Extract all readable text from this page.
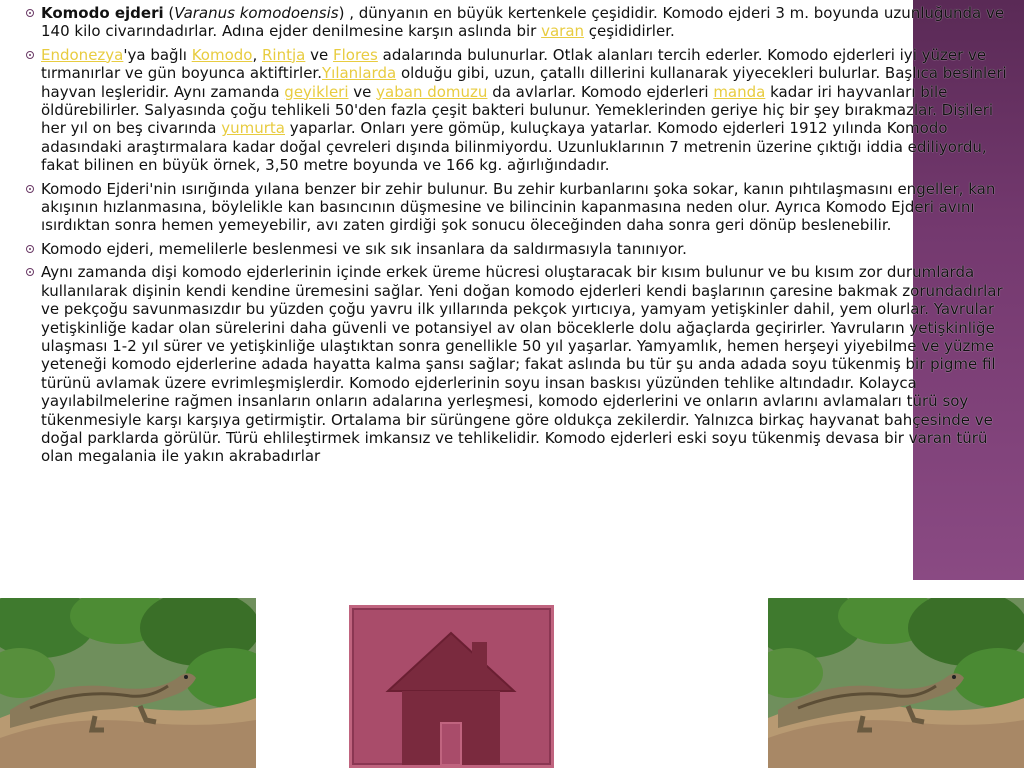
Komodo ejderi (Varanus komodoensis) , dünyanın en büyük kertenkele çeşididir. Komodo ejderi 3 m. boyunda uzunluğunda ve 140 kilo civarındadırlar. Adına ejder denilmesine karşın aslında bir varan çeşididirler.
Endonezya'ya bağlı Komodo, Rintja ve Flores adalarında bulunurlar. Otlak alanları tercih ederler. Komodo ejderleri iyi yüzer ve tırmanırlar ve gün boyunca aktiftirler.Yılanlarda olduğu gibi, uzun, çatallı dillerini kullanarak yiyecekleri bulurlar. Başlıca besinleri hayvan leşleridir. Aynı zamanda geyikleri ve yaban domuzu da avlarlar. Komodo ejderleri manda kadar iri hayvanları bile öldürebilirler. Salyasında çoğu tehlikeli 50'den fazla çeşit bakteri bulunur. Yemeklerinden geriye hiç bir şey bırakmazlar. Dişileri her yıl on beş civarında yumurta yaparlar. Onları yere gömüp, kuluçkaya yatarlar. Komodo ejderleri 1912 yılında Komodo adasındaki araştırmalara kadar doğal çevreleri dışında bilinmiyordu. Uzunluklarının 7 metrenin üzerine çıktığı iddia ediliyordu, fakat bilinen en büyük örnek, 3,50 metre boyunda ve 166 kg. ağırlığındadır.
Komodo Ejderi'nin ısırığında yılana benzer bir zehir bulunur. Bu zehir kurbanlarını şoka sokar, kanın pıhtılaşmasını engeller, kan akışının hızlanmasına, böylelikle kan basıncının düşmesine ve bilincinin kapanmasına neden olur. Ayrıca Komodo Ejderi avını ısırdıktan sonra hemen yemeyebilir, avı zaten girdiği şok sonucu öleceğinden daha sonra geri dönüp beslenebilir.
Komodo ejderi, memelilerle beslenmesi ve sık sık insanlara da saldırmasıyla tanınıyor.
Aynı zamanda dişi komodo ejderlerinin içinde erkek üreme hücresi oluştaracak bir kısım bulunur ve bu kısım zor durumlarda kullanılarak dişinin kendi kendine üremesini sağlar. Yeni doğan komodo ejderleri kendi başlarının çaresine bakmak zorundadırlar ve pekçoğu savunmasızdır bu yüzden çoğu yavru ilk yıllarında pekçok yırtıcıya, yamyam yetişkinler dahil, yem olurlar. Yavrular yetişkinliğe kadar olan sürelerini daha güvenli ve potansiyel av olan böceklerle dolu ağaçlarda geçirirler. Yavruların yetişkinliğe ulaşması 1-2 yıl sürer ve yetişkinliğe ulaştıktan sonra genellikle 50 yıl yaşarlar. Yamyamlık, hemen herşeyi yiyebilme ve yüzme yeteneği komodo ejderlerine adada hayatta kalma şansı sağlar; fakat aslında bu tür şu anda adada soyu tükenmiş bir pigme fil türünü avlamak üzere evrimleşmişlerdir. Komodo ejderlerinin soyu insan baskısı yüzünden tehlike altındadır. Kolayca yayılabilmelerine rağmen insanların onların adalarına yerleşmesi, komodo ejderlerini ve onların avlarını avlamaları türü soy tükenmesiyle karşı karşıya getirmiştir. Ortalama bir sürüngene göre oldukça zekilerdir. Yalnızca birkaç hayvanat bahçesinde ve doğal parklarda görülür. Türü ehlileştirmek imkansız ve tehlikelidir. Komodo ejderleri eski soyu tükenmiş devasa bir varan türü olan megalania ile yakın akrabadırlar
